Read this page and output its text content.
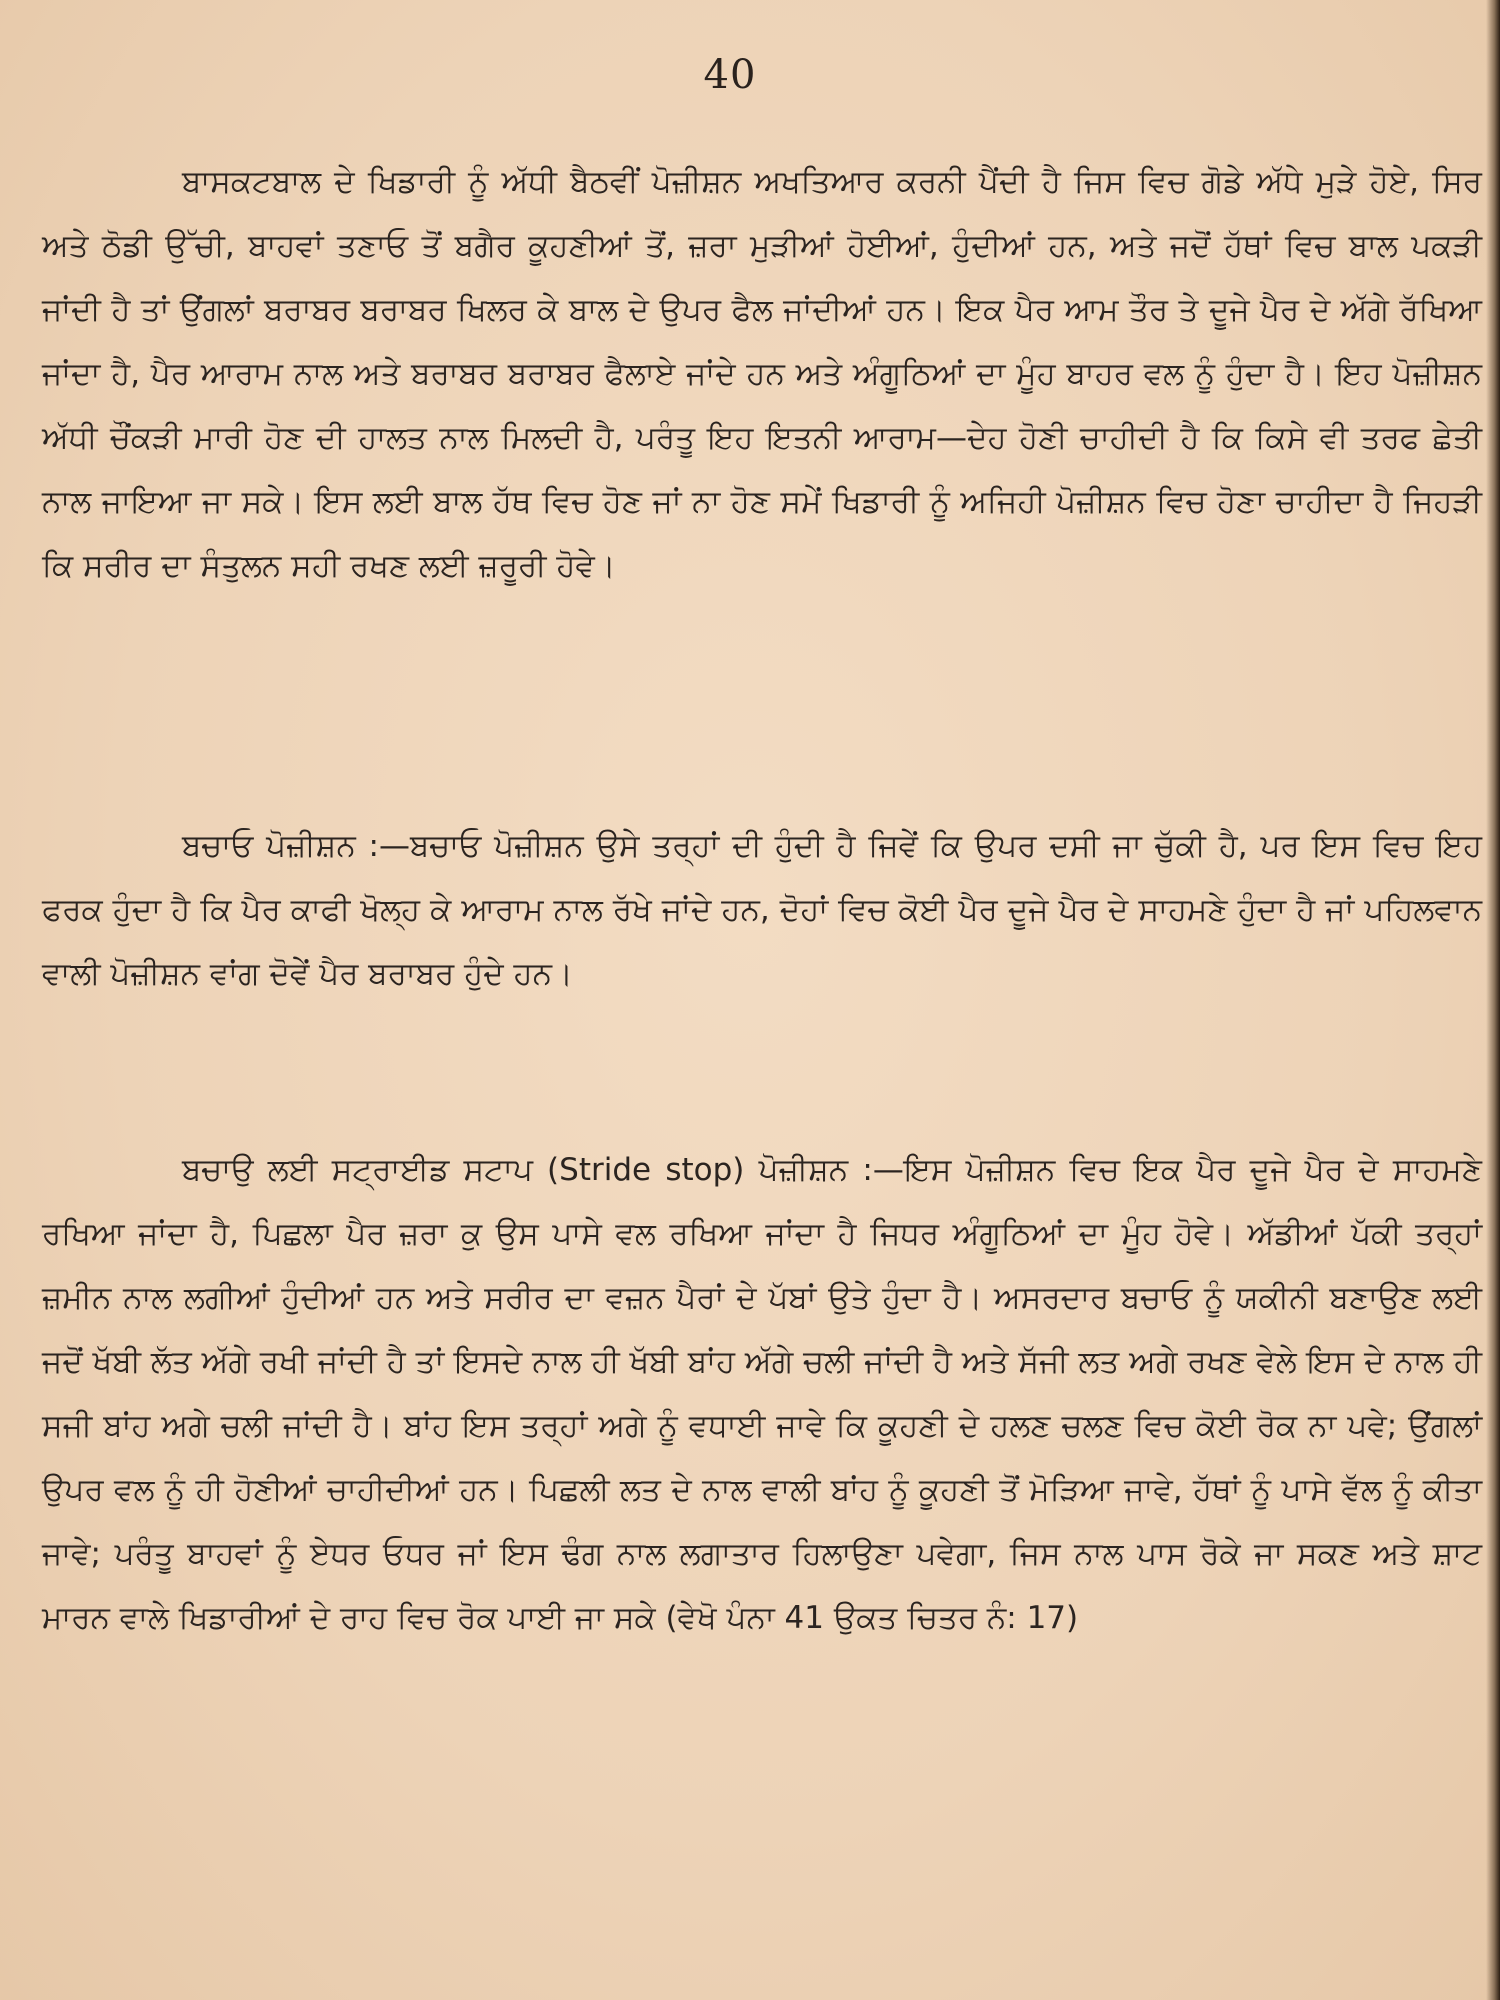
40

ਬਾਸਕਟਬਾਲ ਦੇ ਖਿਡਾਰੀ ਨੂੰ ਅੱਧੀ ਬੈਠਵੀਂ ਪੋਜ਼ੀਸ਼ਨ ਅਖਤਿਆਰ ਕਰਨੀ ਪੈਂਦੀ ਹੈ ਜਿਸ ਵਿਚ ਗੋਡੇ ਅੱਧੇ ਮੁੜੇ ਹੋਏ, ਸਿਰ ਅਤੇ ਠੋਡੀ ਉੱਚੀ, ਬਾਹਵਾਂ ਤਣਾਓ ਤੋਂ ਬਗੈਰ ਕੂਹਣੀਆਂ ਤੋਂ, ਜ਼ਰਾ ਮੁੜੀਆਂ ਹੋਈਆਂ, ਹੁੰਦੀਆਂ ਹਨ, ਅਤੇ ਜਦੋਂ ਹੱਥਾਂ ਵਿਚ ਬਾਲ ਪਕੜੀ ਜਾਂਦੀ ਹੈ ਤਾਂ ਉਂਗਲਾਂ ਬਰਾਬਰ ਬਰਾਬਰ ਖਿਲਰ ਕੇ ਬਾਲ ਦੇ ਉਪਰ ਫੈਲ ਜਾਂਦੀਆਂ ਹਨ। ਇਕ ਪੈਰ ਆਮ ਤੌਰ ਤੇ ਦੂਜੇ ਪੈਰ ਦੇ ਅੱਗੇ ਰੱਖਿਆ ਜਾਂਦਾ ਹੈ, ਪੈਰ ਆਰਾਮ ਨਾਲ ਅਤੇ ਬਰਾਬਰ ਬਰਾਬਰ ਫੈਲਾਏ ਜਾਂਦੇ ਹਨ ਅਤੇ ਅੰਗੂਠਿਆਂ ਦਾ ਮੂੰਹ ਬਾਹਰ ਵਲ ਨੂੰ ਹੁੰਦਾ ਹੈ। ਇਹ ਪੋਜ਼ੀਸ਼ਨ ਅੱਧੀ ਚੌਂਕੜੀ ਮਾਰੀ ਹੋਣ ਦੀ ਹਾਲਤ ਨਾਲ ਮਿਲਦੀ ਹੈ, ਪਰੰਤੂ ਇਹ ਇਤਨੀ ਆਰਾਮ—ਦੇਹ ਹੋਣੀ ਚਾਹੀਦੀ ਹੈ ਕਿ ਕਿਸੇ ਵੀ ਤਰਫ ਛੇਤੀ ਨਾਲ ਜਾਇਆ ਜਾ ਸਕੇ। ਇਸ ਲਈ ਬਾਲ ਹੱਥ ਵਿਚ ਹੋਣ ਜਾਂ ਨਾ ਹੋਣ ਸਮੇਂ ਖਿਡਾਰੀ ਨੂੰ ਅਜਿਹੀ ਪੋਜ਼ੀਸ਼ਨ ਵਿਚ ਹੋਣਾ ਚਾਹੀਦਾ ਹੈ ਜਿਹੜੀ ਕਿ ਸਰੀਰ ਦਾ ਸੰਤੁਲਨ ਸਹੀ ਰਖਣ ਲਈ ਜ਼ਰੂਰੀ ਹੋਵੇ।

ਬਚਾਓ ਪੋਜ਼ੀਸ਼ਨ :—ਬਚਾਓ ਪੋਜ਼ੀਸ਼ਨ ਉਸੇ ਤਰ੍ਹਾਂ ਦੀ ਹੁੰਦੀ ਹੈ ਜਿਵੇਂ ਕਿ ਉਪਰ ਦਸੀ ਜਾ ਚੁੱਕੀ ਹੈ, ਪਰ ਇਸ ਵਿਚ ਇਹ ਫਰਕ ਹੁੰਦਾ ਹੈ ਕਿ ਪੈਰ ਕਾਫੀ ਖੋਲ੍ਹ ਕੇ ਆਰਾਮ ਨਾਲ ਰੱਖੇ ਜਾਂਦੇ ਹਨ, ਦੋਹਾਂ ਵਿਚ ਕੋਈ ਪੈਰ ਦੂਜੇ ਪੈਰ ਦੇ ਸਾਹਮਣੇ ਹੁੰਦਾ ਹੈ ਜਾਂ ਪਹਿਲਵਾਨ ਵਾਲੀ ਪੋਜ਼ੀਸ਼ਨ ਵਾਂਗ ਦੋਵੇਂ ਪੈਰ ਬਰਾਬਰ ਹੁੰਦੇ ਹਨ।

ਬਚਾਉ ਲਈ ਸਟ੍ਰਾਈਡ ਸਟਾਪ (Stride stop) ਪੋਜ਼ੀਸ਼ਨ :—ਇਸ ਪੋਜ਼ੀਸ਼ਨ ਵਿਚ ਇਕ ਪੈਰ ਦੂਜੇ ਪੈਰ ਦੇ ਸਾਹਮਣੇ ਰਖਿਆ ਜਾਂਦਾ ਹੈ, ਪਿਛਲਾ ਪੈਰ ਜ਼ਰਾ ਕੁ ਉਸ ਪਾਸੇ ਵਲ ਰਖਿਆ ਜਾਂਦਾ ਹੈ ਜਿਧਰ ਅੰਗੂਠਿਆਂ ਦਾ ਮੂੰਹ ਹੋਵੇ। ਅੱਡੀਆਂ ਪੱਕੀ ਤਰ੍ਹਾਂ ਜ਼ਮੀਨ ਨਾਲ ਲਗੀਆਂ ਹੁੰਦੀਆਂ ਹਨ ਅਤੇ ਸਰੀਰ ਦਾ ਵਜ਼ਨ ਪੈਰਾਂ ਦੇ ਪੱਬਾਂ ਉਤੇ ਹੁੰਦਾ ਹੈ। ਅਸਰਦਾਰ ਬਚਾਓ ਨੂੰ ਯਕੀਨੀ ਬਣਾਉਣ ਲਈ ਜਦੋਂ ਖੱਬੀ ਲੱਤ ਅੱਗੇ ਰਖੀ ਜਾਂਦੀ ਹੈ ਤਾਂ ਇਸਦੇ ਨਾਲ ਹੀ ਖੱਬੀ ਬਾਂਹ ਅੱਗੇ ਚਲੀ ਜਾਂਦੀ ਹੈ ਅਤੇ ਸੱਜੀ ਲਤ ਅਗੇ ਰਖਣ ਵੇਲੇ ਇਸ ਦੇ ਨਾਲ ਹੀ ਸਜੀ ਬਾਂਹ ਅਗੇ ਚਲੀ ਜਾਂਦੀ ਹੈ। ਬਾਂਹ ਇਸ ਤਰ੍ਹਾਂ ਅਗੇ ਨੂੰ ਵਧਾਈ ਜਾਵੇ ਕਿ ਕੂਹਣੀ ਦੇ ਹਲਣ ਚਲਣ ਵਿਚ ਕੋਈ ਰੋਕ ਨਾ ਪਵੇ; ਉਂਗਲਾਂ ਉਪਰ ਵਲ ਨੂੰ ਹੀ ਹੋਣੀਆਂ ਚਾਹੀਦੀਆਂ ਹਨ। ਪਿਛਲੀ ਲਤ ਦੇ ਨਾਲ ਵਾਲੀ ਬਾਂਹ ਨੂੰ ਕੂਹਣੀ ਤੋਂ ਮੋੜਿਆ ਜਾਵੇ, ਹੱਥਾਂ ਨੂੰ ਪਾਸੇ ਵੱਲ ਨੂੰ ਕੀਤਾ ਜਾਵੇ; ਪਰੰਤੂ ਬਾਹਵਾਂ ਨੂੰ ਏਧਰ ਓਧਰ ਜਾਂ ਇਸ ਢੰਗ ਨਾਲ ਲਗਾਤਾਰ ਹਿਲਾਉਣਾ ਪਵੇਗਾ, ਜਿਸ ਨਾਲ ਪਾਸ ਰੋਕੇ ਜਾ ਸਕਣ ਅਤੇ ਸ਼ਾਟ ਮਾਰਨ ਵਾਲੇ ਖਿਡਾਰੀਆਂ ਦੇ ਰਾਹ ਵਿਚ ਰੋਕ ਪਾਈ ਜਾ ਸਕੇ (ਵੇਖੋ ਪੰਨਾ 41 ਉਕਤ ਚਿਤਰ ਨੰ: 17)
